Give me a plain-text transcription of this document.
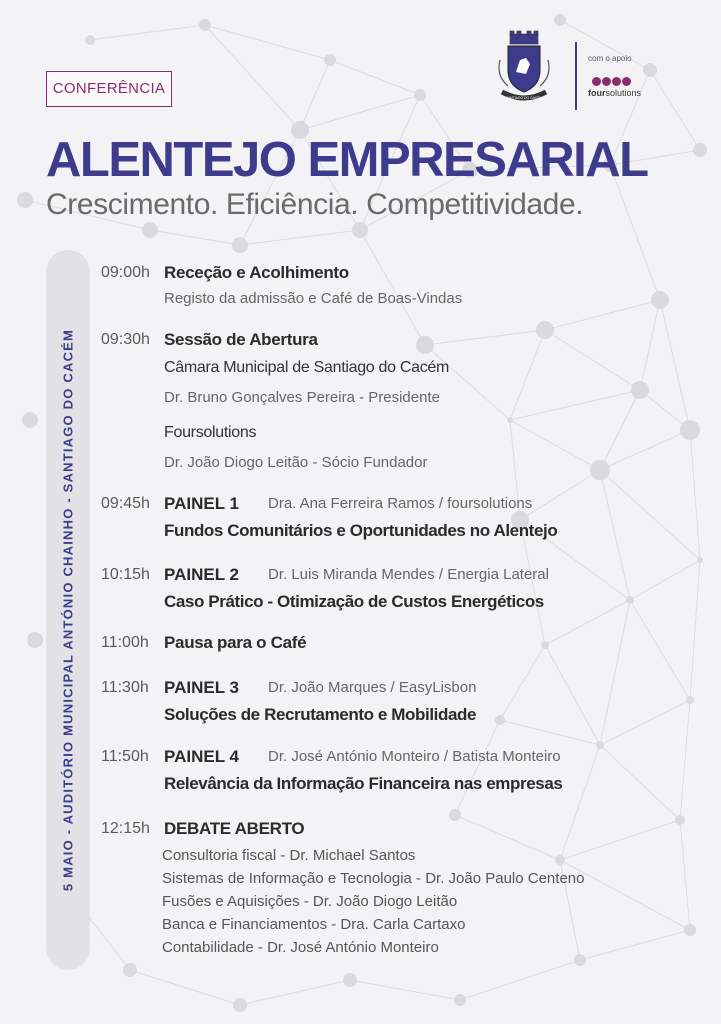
CONFERÊNCIA
ALENTEJO EMPRESARIAL
Crescimento. Eficiência. Competitividade.
SANTIAGO DO CACÉM
com o apoio
foursolutions
5 MAIO - AUDITÓRIO MUNICIPAL ANTÓNIO CHAINHO - SANTIAGO DO CACÉM
09:00h Receção e Acolhimento
Registo da admissão e Café de Boas-Vindas
09:30h Sessão de Abertura
Câmara Municipal de Santiago do Cacém
Dr. Bruno Gonçalves Pereira - Presidente
Foursolutions
Dr. João Diogo Leitão - Sócio Fundador
09:45h PAINEL 1 Dra. Ana Ferreira Ramos / foursolutions
Fundos Comunitários e Oportunidades no Alentejo
10:15h PAINEL 2 Dr. Luis Miranda Mendes / Energia Lateral
Caso Prático - Otimização de Custos Energéticos
11:00h Pausa para o Café
11:30h PAINEL 3 Dr. João Marques / EasyLisbon
Soluções de Recrutamento e Mobilidade
11:50h PAINEL 4 Dr. José António Monteiro / Batista Monteiro
Relevância da Informação Financeira nas empresas
12:15h DEBATE ABERTO
Consultoria fiscal - Dr. Michael Santos
Sistemas de Informação e Tecnologia - Dr. João Paulo Centeno
Fusões e Aquisições - Dr. João Diogo Leitão
Banca e Financiamentos - Dra. Carla Cartaxo
Contabilidade - Dr. José António Monteiro
